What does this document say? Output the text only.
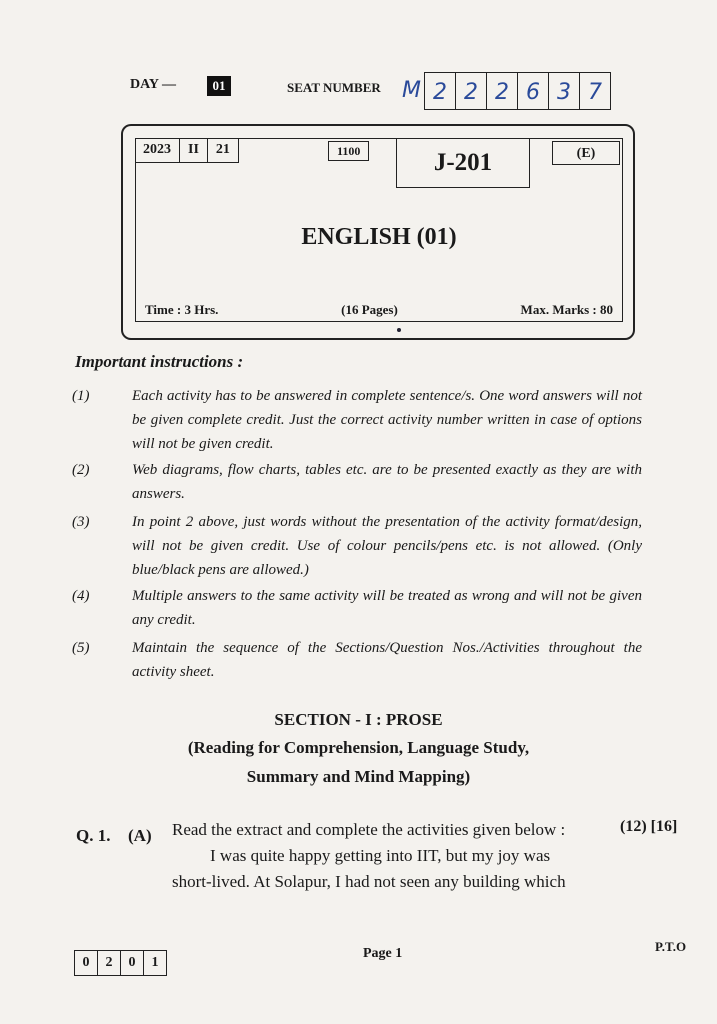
DAY —	01	SEAT NUMBER M 2 2 2 6 3 7
2023	II	21	1100	J-201	(E)
ENGLISH (01)
Time : 3 Hrs.	(16 Pages)	Max. Marks : 80
Important instructions :
(1)	Each activity has to be answered in complete sentence/s. One word answers will not be given complete credit. Just the correct activity number written in case of options will not be given credit.
(2)	Web diagrams, flow charts, tables etc. are to be presented exactly as they are with answers.
(3)	In point 2 above, just words without the presentation of the activity format/design, will not be given credit. Use of colour pencils/pens etc. is not allowed. (Only blue/black pens are allowed.)
(4)	Multiple answers to the same activity will be treated as wrong and will not be given any credit.
(5)	Maintain the sequence of the Sections/Question Nos./Activities throughout the activity sheet.
SECTION - I : PROSE
(Reading for Comprehension, Language Study,
Summary and Mind Mapping)
Q. 1. (A) Read the extract and complete the activities given below :	(12) [16]
I was quite happy getting into IIT, but my joy was
short-lived. At Solapur, I had not seen any building which
0	2	0	1
Page 1	P.T.O
